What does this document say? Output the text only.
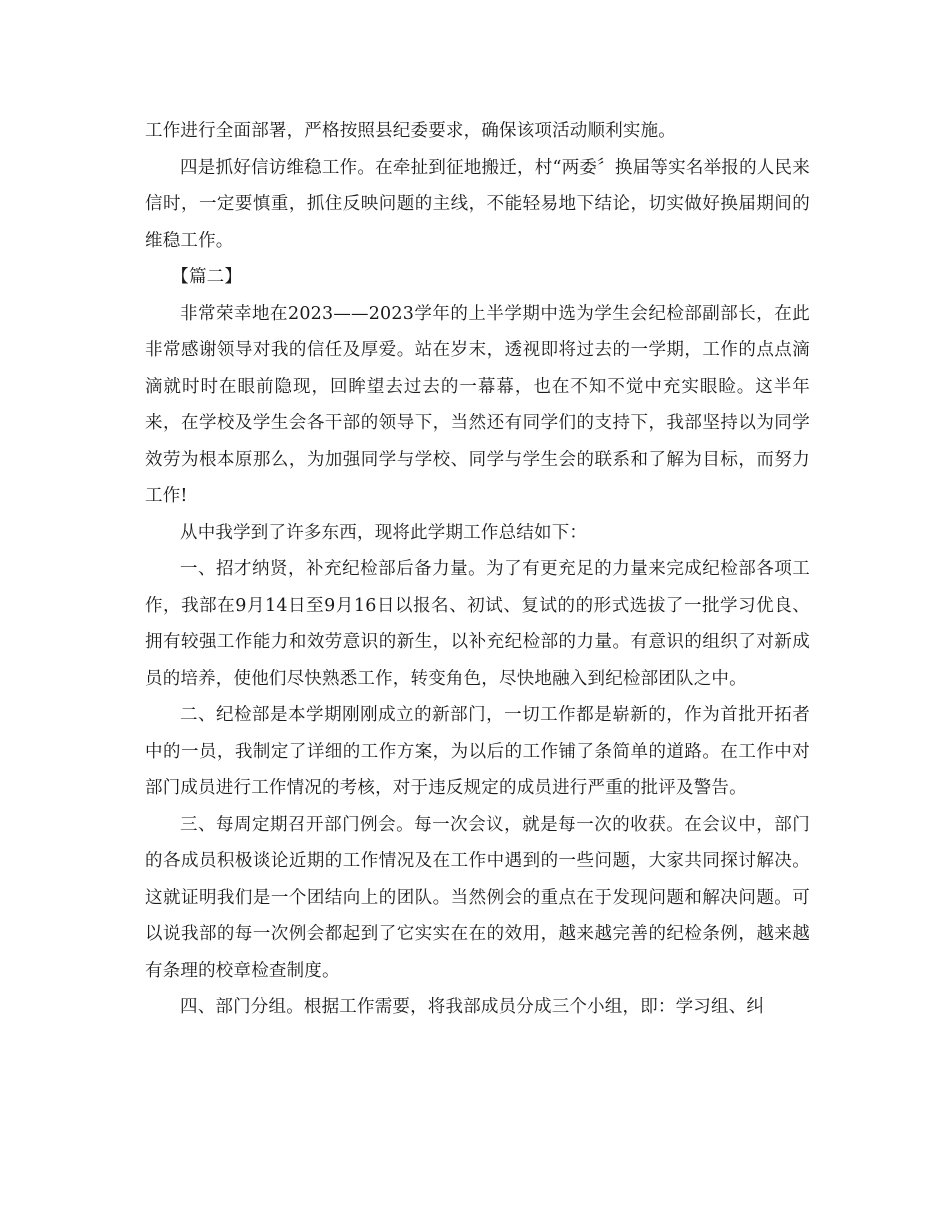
工作进行全面部署，严格按照县纪委要求，确保该项活动顺利实施。

四是抓好信访维稳工作。在牵扯到征地搬迁，村“两委〞换届等实名举报的人民来信时，一定要慎重，抓住反映问题的主线，不能轻易地下结论，切实做好换届期间的维稳工作。

【篇二】

非常荣幸地在2023——2023学年的上半学期中选为学生会纪检部副部长，在此非常感谢领导对我的信任及厚爱。站在岁末，透视即将过去的一学期，工作的点点滴滴就时时在眼前隐现，回眸望去过去的一幕幕，也在不知不觉中充实眼睑。这半年来，在学校及学生会各干部的领导下，当然还有同学们的支持下，我部坚持以为同学效劳为根本原那么，为加强同学与学校、同学与学生会的联系和了解为目标，而努力工作!

从中我学到了许多东西，现将此学期工作总结如下：

一、招才纳贤，补充纪检部后备力量。为了有更充足的力量来完成纪检部各项工作，我部在9月14日至9月16日以报名、初试、复试的的形式选拔了一批学习优良、拥有较强工作能力和效劳意识的新生，以补充纪检部的力量。有意识的组织了对新成员的培养，使他们尽快熟悉工作，转变角色，尽快地融入到纪检部团队之中。

二、纪检部是本学期刚刚成立的新部门，一切工作都是崭新的，作为首批开拓者中的一员，我制定了详细的工作方案，为以后的工作铺了条简单的道路。在工作中对部门成员进行工作情况的考核，对于违反规定的成员进行严重的批评及警告。

三、每周定期召开部门例会。每一次会议，就是每一次的收获。在会议中，部门的各成员积极谈论近期的工作情况及在工作中遇到的一些问题，大家共同探讨解决。这就证明我们是一个团结向上的团队。当然例会的重点在于发现问题和解决问题。可以说我部的每一次例会都起到了它实实在在的效用，越来越完善的纪检条例，越来越有条理的校章检查制度。

四、部门分组。根据工作需要，将我部成员分成三个小组，即：学习组、纠
